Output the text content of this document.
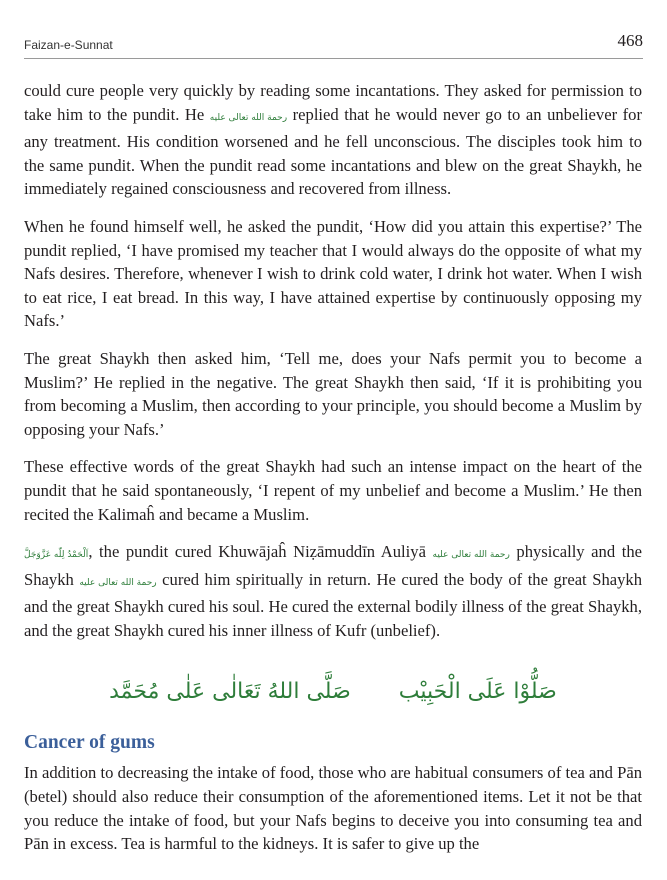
Faizan-e-Sunnat	468

could cure people very quickly by reading some incantations. They asked for permission to take him to the pundit. He رحمة الله تعالى عليه replied that he would never go to an unbeliever for any treatment. His condition worsened and he fell unconscious. The disciples took him to the same pundit. When the pundit read some incantations and blew on the great Shaykh, he immediately regained consciousness and recovered from illness.

When he found himself well, he asked the pundit, ‘How did you attain this expertise?’ The pundit replied, ‘I have promised my teacher that I would always do the opposite of what my Nafs desires. Therefore, whenever I wish to drink cold water, I drink hot water. When I wish to eat rice, I eat bread. In this way, I have attained expertise by continuously opposing my Nafs.’

The great Shaykh then asked him, ‘Tell me, does your Nafs permit you to become a Muslim?’ He replied in the negative. The great Shaykh then said, ‘If it is prohibiting you from becoming a Muslim, then according to your principle, you should become a Muslim by opposing your Nafs.’

These effective words of the great Shaykh had such an intense impact on the heart of the pundit that he said spontaneously, ‘I repent of my unbelief and become a Muslim.’ He then recited the Kalimaĥ and became a Muslim.

اَلْحَمْدُ لِلّٰه عَزَّوَجَلَّ, the pundit cured Khuwājaĥ Niẓāmuddīn Auliyā رحمة الله تعالى عليه physically and the Shaykh رحمة الله تعالى عليه cured him spiritually in return. He cured the body of the great Shaykh and the great Shaykh cured his soul. He cured the external bodily illness of the great Shaykh, and the great Shaykh cured his inner illness of Kufr (unbelief).

صَلَّى اللهُ تَعَالٰى عَلٰى مُحَمَّد صَلُّوْا عَلَى الْحَبِيْب
Cancer of gums

In addition to decreasing the intake of food, those who are habitual consumers of tea and Pān (betel) should also reduce their consumption of the aforementioned items. Let it not be that you reduce the intake of food, but your Nafs begins to deceive you into consuming tea and Pān in excess. Tea is harmful to the kidneys. It is safer to give up the
